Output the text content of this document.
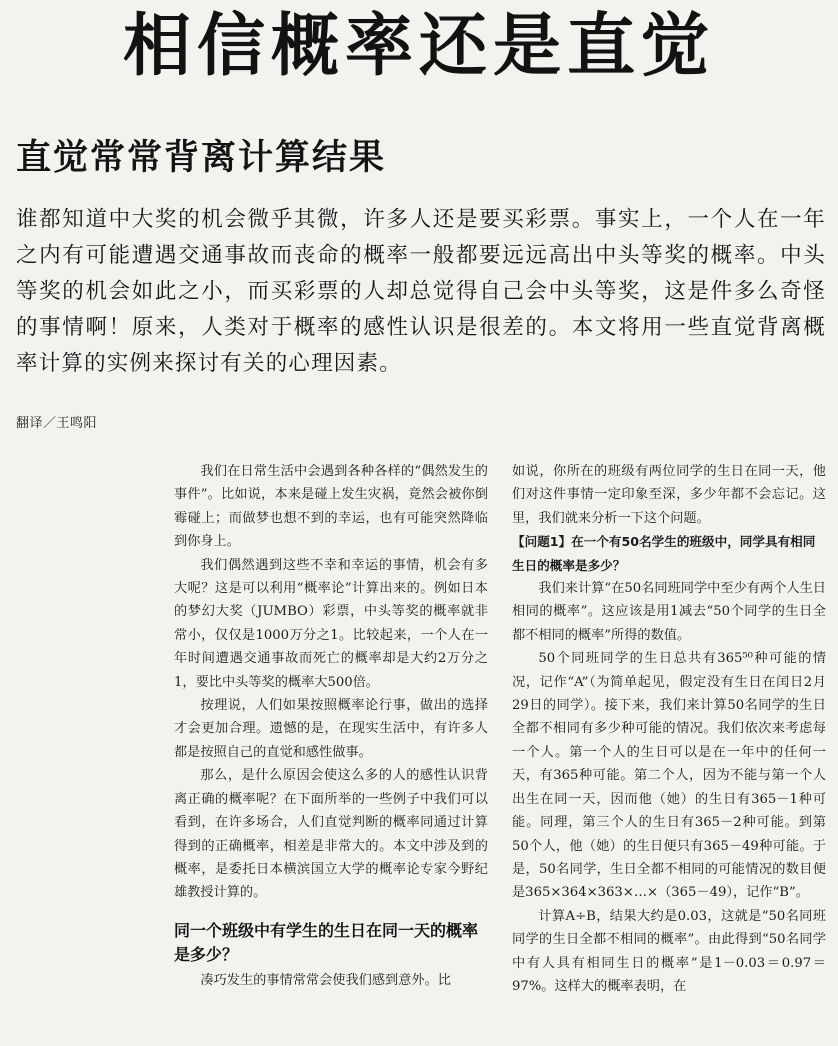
相信概率还是直觉
直觉常常背离计算结果

谁都知道中大奖的机会微乎其微，许多人还是要买彩票。事实上，一个人在一年之内有可能遭遇交通事故而丧命的概率一般都要远远高出中头等奖的概率。中头等奖的机会如此之小，而买彩票的人却总觉得自己会中头等奖，这是件多么奇怪的事情啊！原来，人类对于概率的感性认识是很差的。本文将用一些直觉背离概率计算的实例来探讨有关的心理因素。

翻译／王鸣阳

我们在日常生活中会遇到各种各样的“偶然发生的事件”。比如说，本来是碰上发生灾祸，竟然会被你倒霉碰上；而做梦也想不到的幸运，也有可能突然降临到你身上。

我们偶然遇到这些不幸和幸运的事情，机会有多大呢？这是可以利用“概率论”计算出来的。例如日本的梦幻大奖（JUMBO）彩票，中头等奖的概率就非常小，仅仅是1000万分之1。比较起来，一个人在一年时间遭遇交通事故而死亡的概率却是大约2万分之1，要比中头等奖的概率大500倍。

按理说，人们如果按照概率论行事，做出的选择才会更加合理。遗憾的是，在现实生活中，有许多人都是按照自己的直觉和感性做事。

那么，是什么原因会使这么多的人的感性认识背离正确的概率呢？在下面所举的一些例子中我们可以看到，在许多场合，人们直觉判断的概率同通过计算得到的正确概率，相差是非常大的。本文中涉及到的概率，是委托日本横滨国立大学的概率论专家今野纪雄教授计算的。

同一个班级中有学生的生日在同一天的概率是多少？

凑巧发生的事情常常会使我们感到意外。比

如说，你所在的班级有两位同学的生日在同一天，他们对这件事情一定印象至深，多少年都不会忘记。这里，我们就来分析一下这个问题。

【问题1】在一个有50名学生的班级中，同学具有相同生日的概率是多少？

我们来计算“在50名同班同学中至少有两个人生日相同的概率”。这应该是用1减去“50个同学的生日全都不相同的概率”所得的数值。

50个同班同学的生日总共有365⁵⁰种可能的情况，记作“A”（为简单起见，假定没有生日在闰日2月29日的同学）。接下来，我们来计算50名同学的生日全都不相同有多少种可能的情况。我们依次来考虑每一个人。第一个人的生日可以是在一年中的任何一天，有365种可能。第二个人，因为不能与第一个人出生在同一天，因而他（她）的生日有365－1种可能。同理，第三个人的生日有365－2种可能。到第50个人，他（她）的生日便只有365－49种可能。于是，50名同学，生日全都不相同的可能情况的数目便是365×364×363×…×（365－49），记作“B”。

计算A÷B，结果大约是0.03，这就是“50名同班同学的生日全都不相同的概率”。由此得到“50名同学中有人具有相同生日的概率”是1－0.03＝0.97＝97%。这样大的概率表明，在
